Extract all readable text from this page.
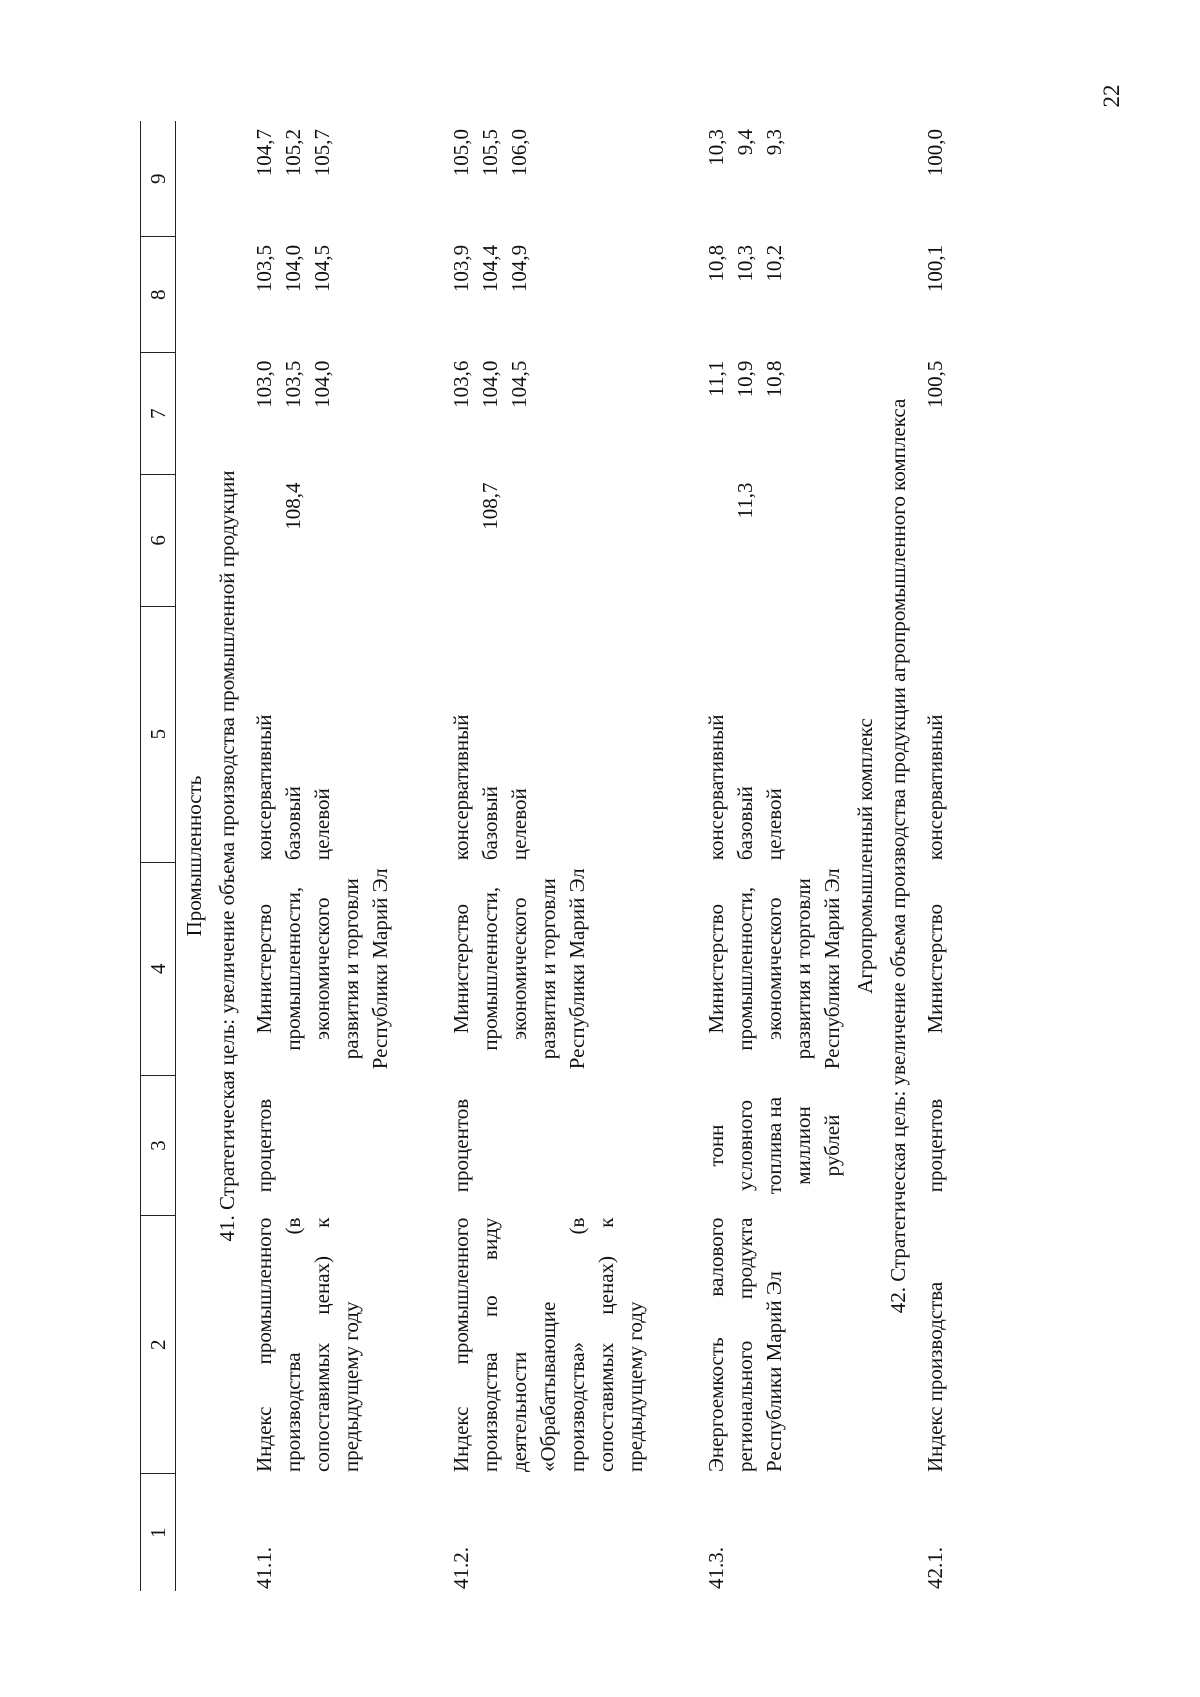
22
1	2	3	4	5	6	7	8	9
Промышленность								
41. Стратегическая цель: увеличение объема производства промышленной продукции								
41.1.	Индекс промышленного производства (в сопоставимых ценах) к предыдущему году	процентов	Министерство промышленности, экономического развития и торговли Республики Марий Эл	консервативный базовый целевой	108,4	103,0 103,5 104,0	103,5 104,0 104,5	104,7 105,2 105,7

41.2.	Индекс промышленного производства по виду деятельности «Обрабатывающие производства» (в сопоставимых ценах) к предыдущему году	процентов	Министерство промышленности, экономического развития и торговли Республики Марий Эл	консервативный базовый целевой	108,7	103,6 104,0 104,5	103,9 104,4 104,9	105,0 105,5 106,0

41.3.	Энергоемкость валового регионального продукта Республики Марий Эл	тонн условного топлива на миллион рублей	Министерство промышленности, экономического развития и торговли Республики Марий Эл	консервативный базовый целевой	11,3	11,1 10,9 10,8	10,8 10,3 10,2	10,3 9,4 9,3

Агропромышленный комплекс								
42. Стратегическая цель: увеличение объема производства продукции агропромышленного комплекса								
42.1.	Индекс производства	процентов	Министерство	консервативный		100,5	100,1	100,0
